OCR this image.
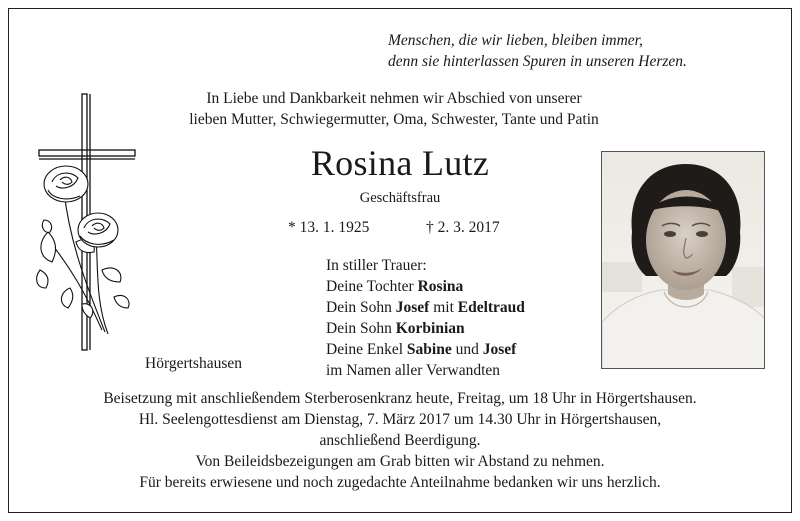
Menschen, die wir lieben, bleiben immer,
denn sie hinterlassen Spuren in unseren Herzen.
In Liebe und Dankbarkeit nehmen wir Abschied von unserer
lieben Mutter, Schwiegermutter, Oma, Schwester, Tante und Patin
Rosina Lutz
Geschäftsfrau
* 13. 1. 1925	† 2. 3. 2017
In stiller Trauer:
Deine Tochter Rosina
Dein Sohn Josef mit Edeltraud
Dein Sohn Korbinian
Deine Enkel Sabine und Josef
im Namen aller Verwandten
Hörgertshausen
Beisetzung mit anschließendem Sterberosenkranz heute, Freitag, um 18 Uhr in Hörgertshausen.
Hl. Seelengottesdienst am Dienstag, 7. März 2017 um 14.30 Uhr in Hörgertshausen,
anschließend Beerdigung.
Von Beileidsbezeigungen am Grab bitten wir Abstand zu nehmen.
Für bereits erwiesene und noch zugedachte Anteilnahme bedanken wir uns herzlich.
